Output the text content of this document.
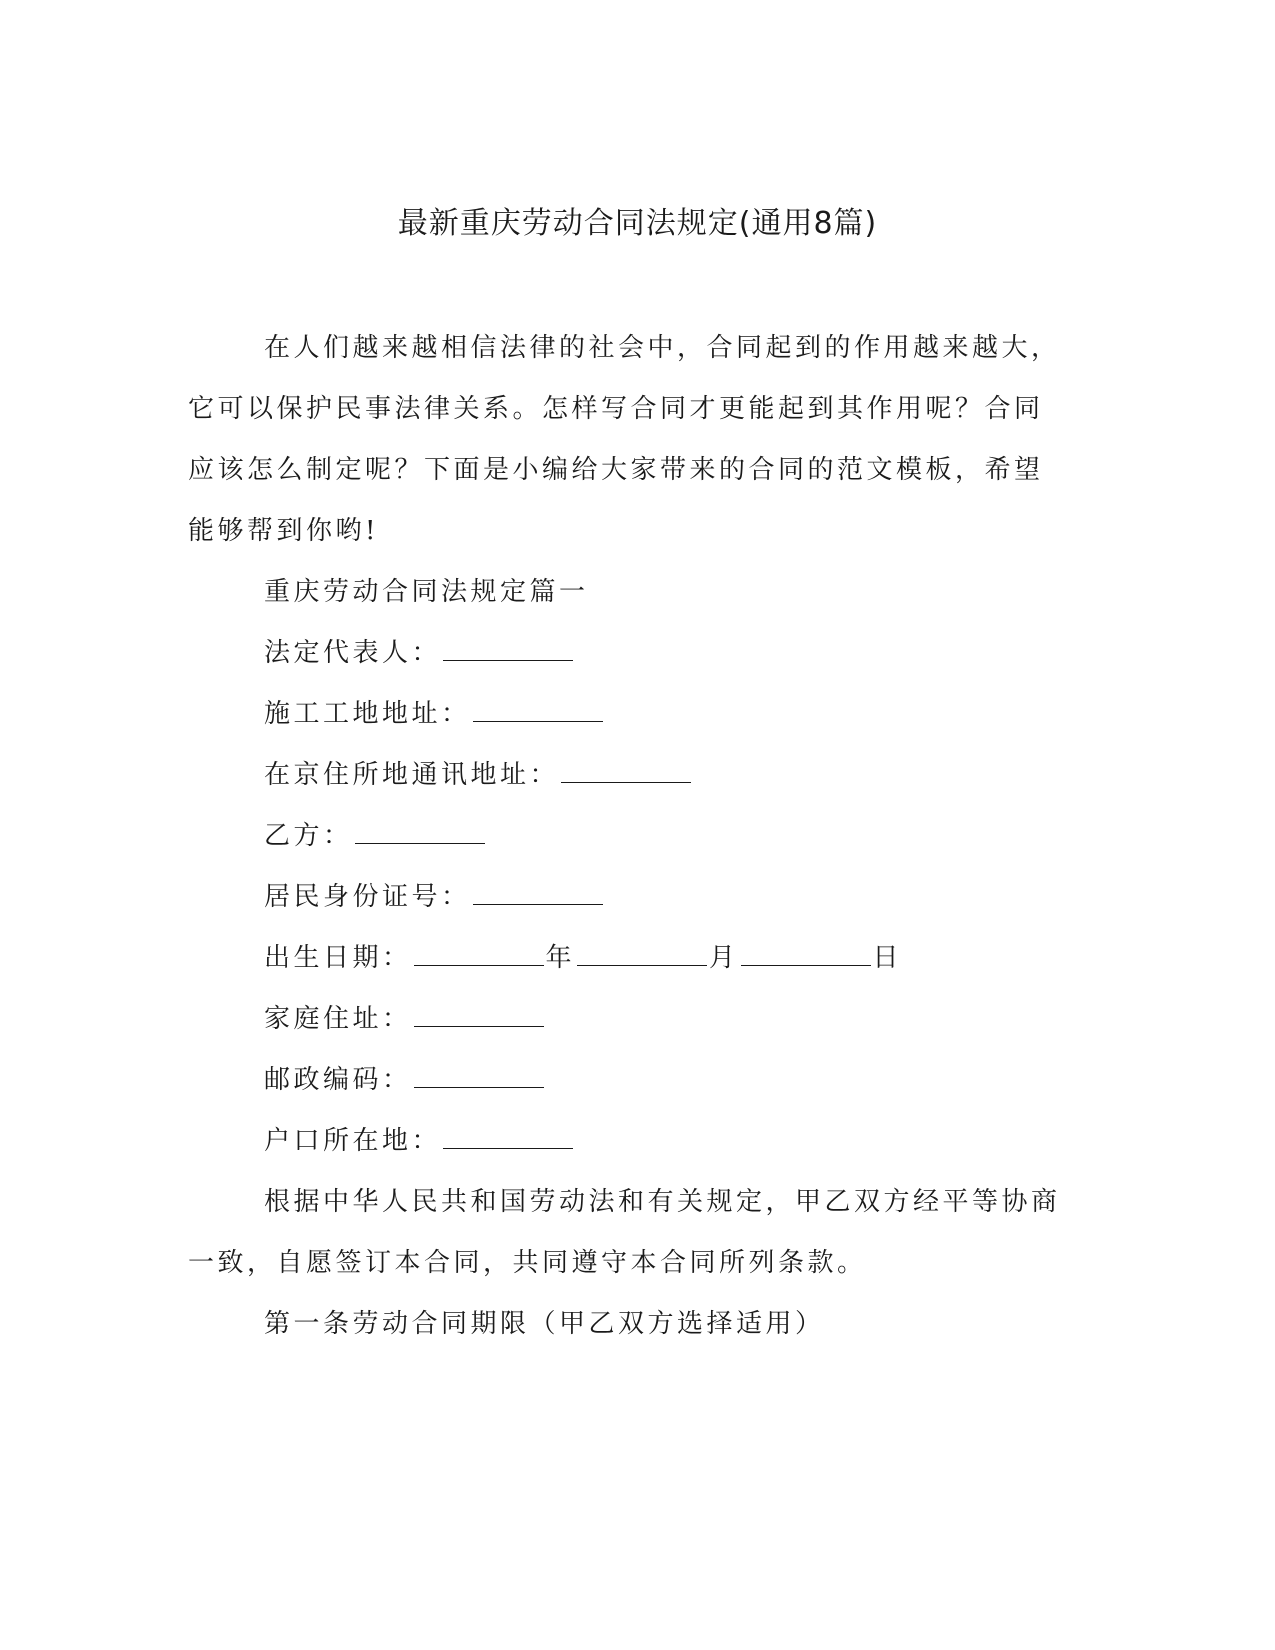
最新重庆劳动合同法规定(通用8篇)

在人们越来越相信法律的社会中，合同起到的作用越来越大，它可以保护民事法律关系。怎样写合同才更能起到其作用呢？合同应该怎么制定呢？下面是小编给大家带来的合同的范文模板，希望能够帮到你哟!

重庆劳动合同法规定篇一

法定代表人：

施工工地地址：

在京住所地通讯地址：

乙方：

居民身份证号：

出生日期：	年	月	日

家庭住址：

邮政编码：

户口所在地：

根据中华人民共和国劳动法和有关规定，甲乙双方经平等协商一致，自愿签订本合同，共同遵守本合同所列条款。

第一条劳动合同期限（甲乙双方选择适用）
